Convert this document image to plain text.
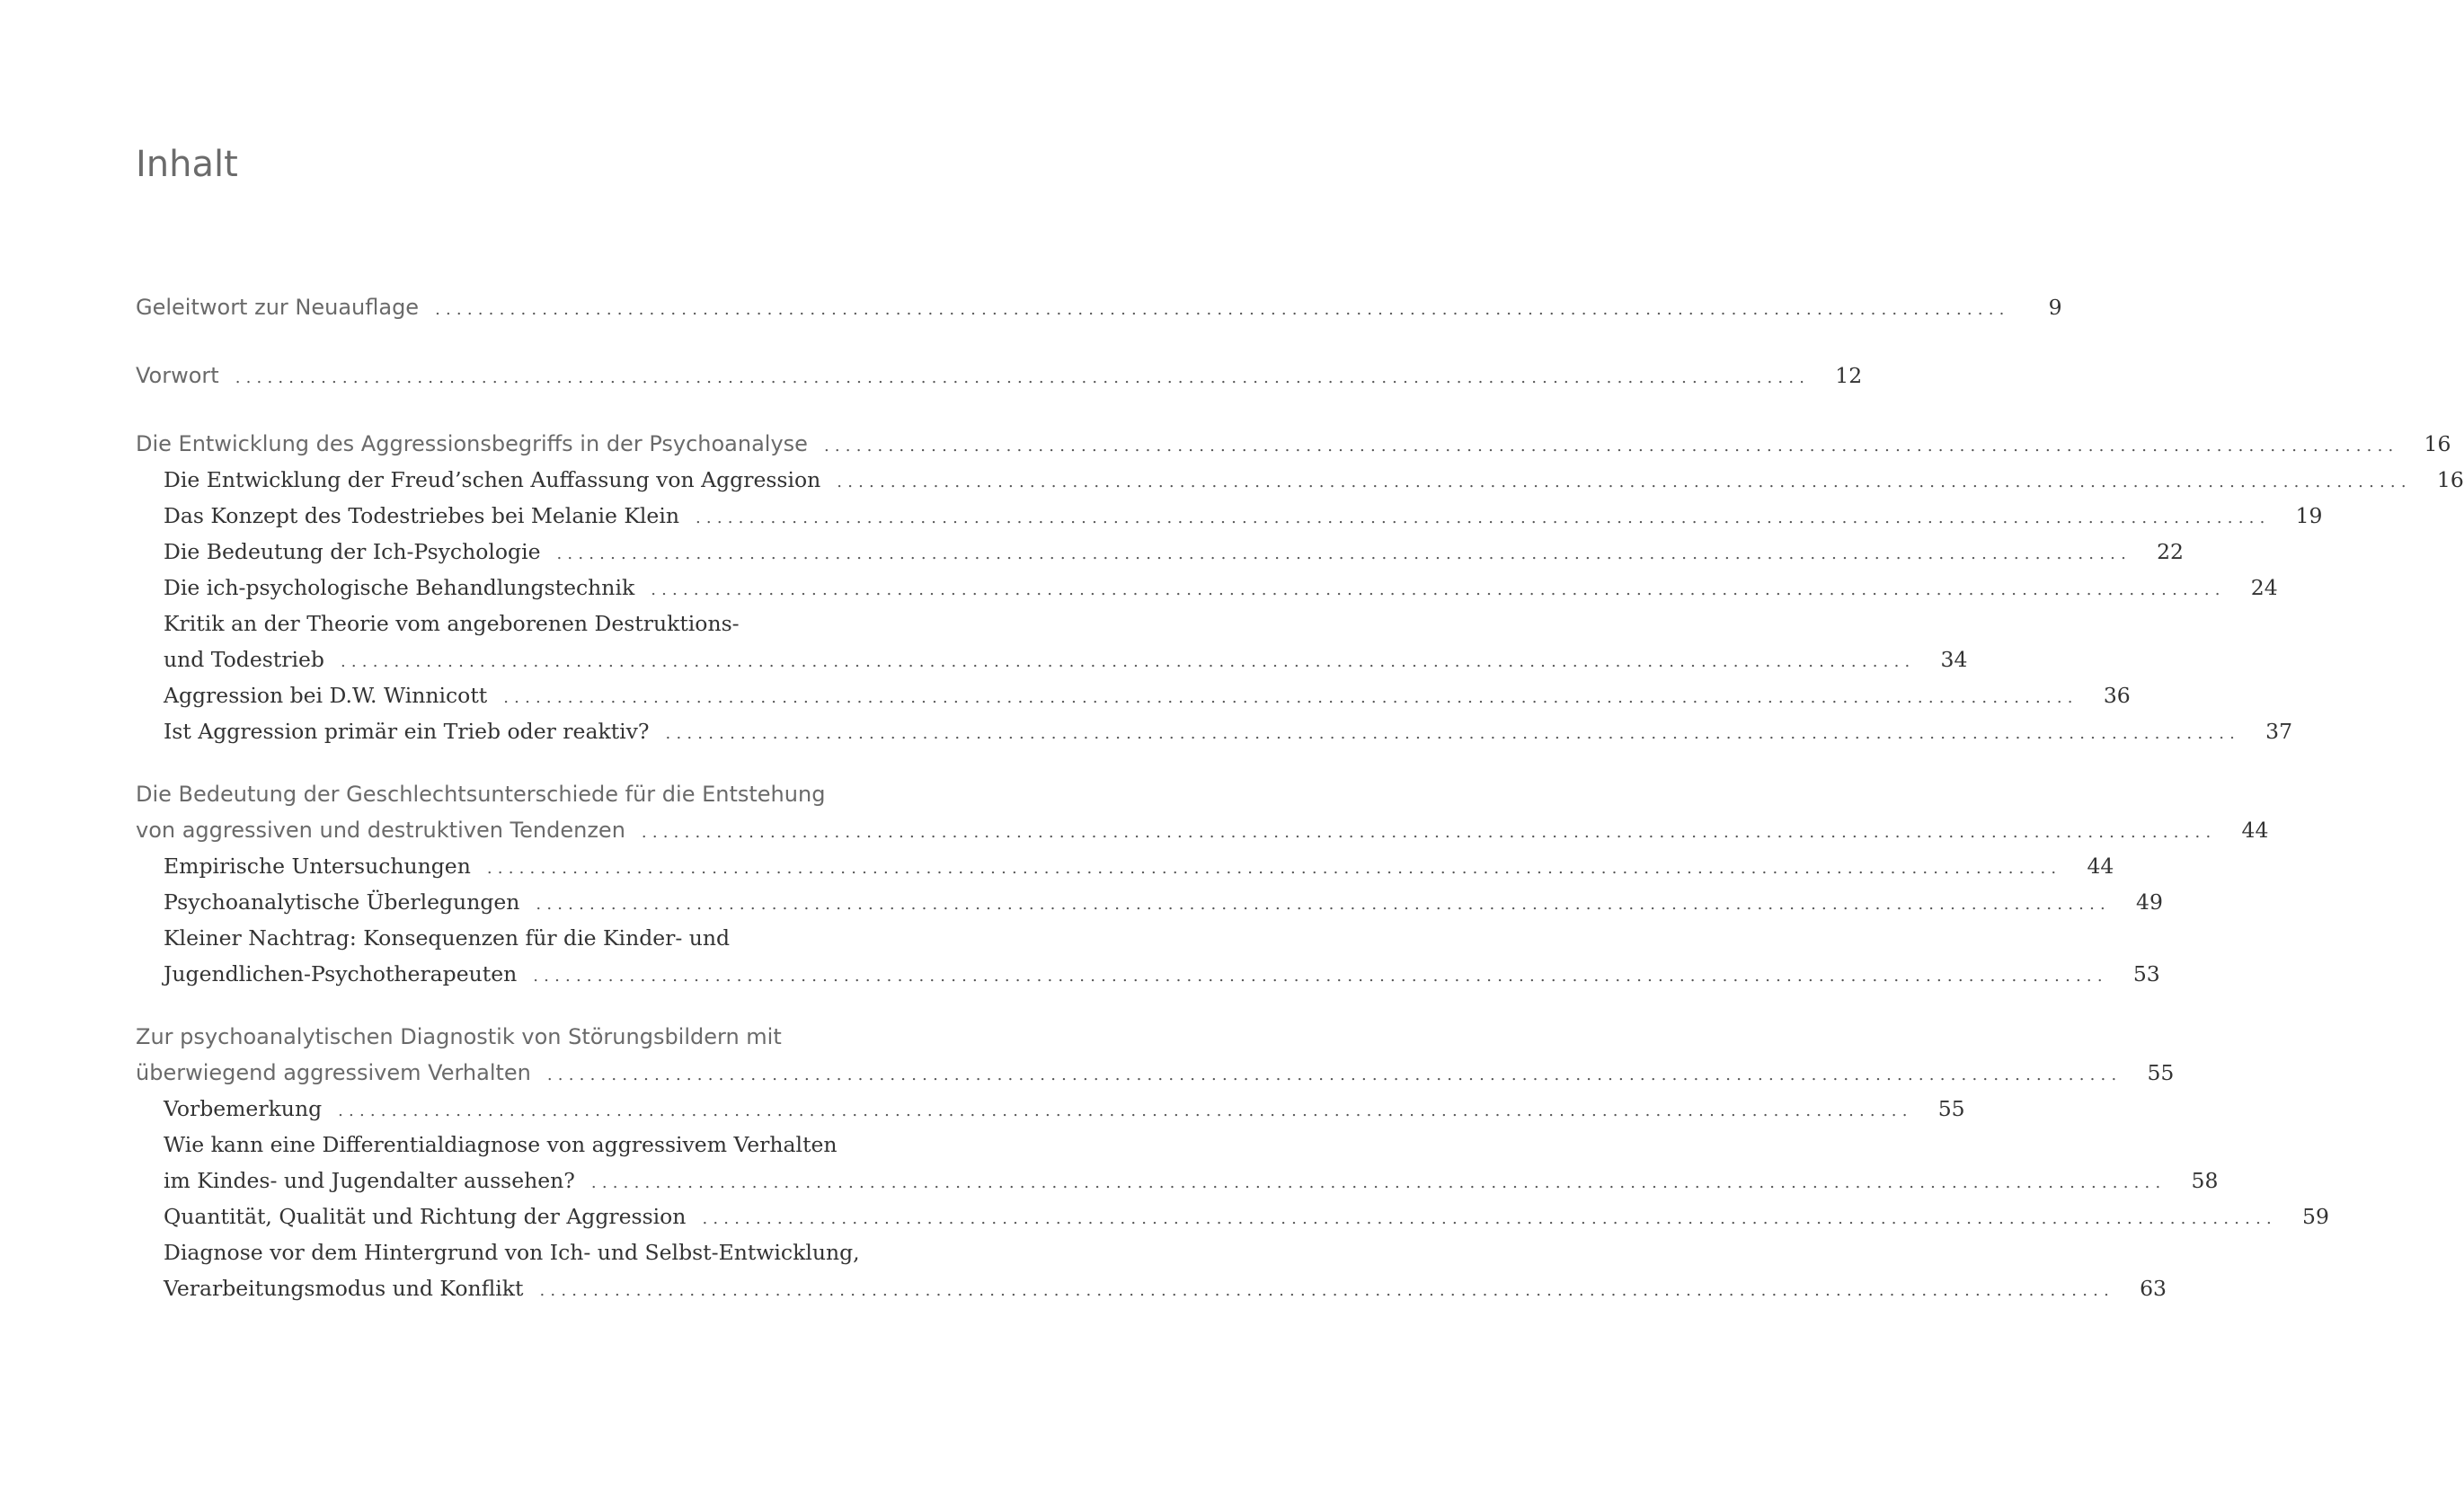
Inhalt
Geleitwort zur Neuauflage ...................................................................................................................................................	9
Vorwort ...................................................................................................................................................	12
Die Entwicklung des Aggressionsbegriffs in der Psychoanalyse ...................................................................................................................................................	16
Die Entwicklung der Freud’schen Auffassung von Aggression ...................................................................................................................................................	16
Das Konzept des Todestriebes bei Melanie Klein ...................................................................................................................................................	19
Die Bedeutung der Ich-Psychologie ...................................................................................................................................................	22
Die ich-psychologische Behandlungstechnik ...................................................................................................................................................	24
Kritik an der Theorie vom angeborenen Destruktions-
und Todestrieb ...................................................................................................................................................	34
Aggression bei D.W. Winnicott ...................................................................................................................................................	36
Ist Aggression primär ein Trieb oder reaktiv? ...................................................................................................................................................	37
Die Bedeutung der Geschlechtsunterschiede für die Entstehung
von aggressiven und destruktiven Tendenzen ...................................................................................................................................................	44
Empirische Untersuchungen ...................................................................................................................................................	44
Psychoanalytische Überlegungen ...................................................................................................................................................	49
Kleiner Nachtrag: Konsequenzen für die Kinder- und
Jugendlichen-Psychotherapeuten ...................................................................................................................................................	53
Zur psychoanalytischen Diagnostik von Störungsbildern mit
überwiegend aggressivem Verhalten ...................................................................................................................................................	55
Vorbemerkung ...................................................................................................................................................	55
Wie kann eine Differentialdiagnose von aggressivem Verhalten
im Kindes- und Jugendalter aussehen? ...................................................................................................................................................	58
Quantität, Qualität und Richtung der Aggression ...................................................................................................................................................	59
Diagnose vor dem Hintergrund von Ich- und Selbst-Entwicklung,
Verarbeitungsmodus und Konflikt ...................................................................................................................................................	63
